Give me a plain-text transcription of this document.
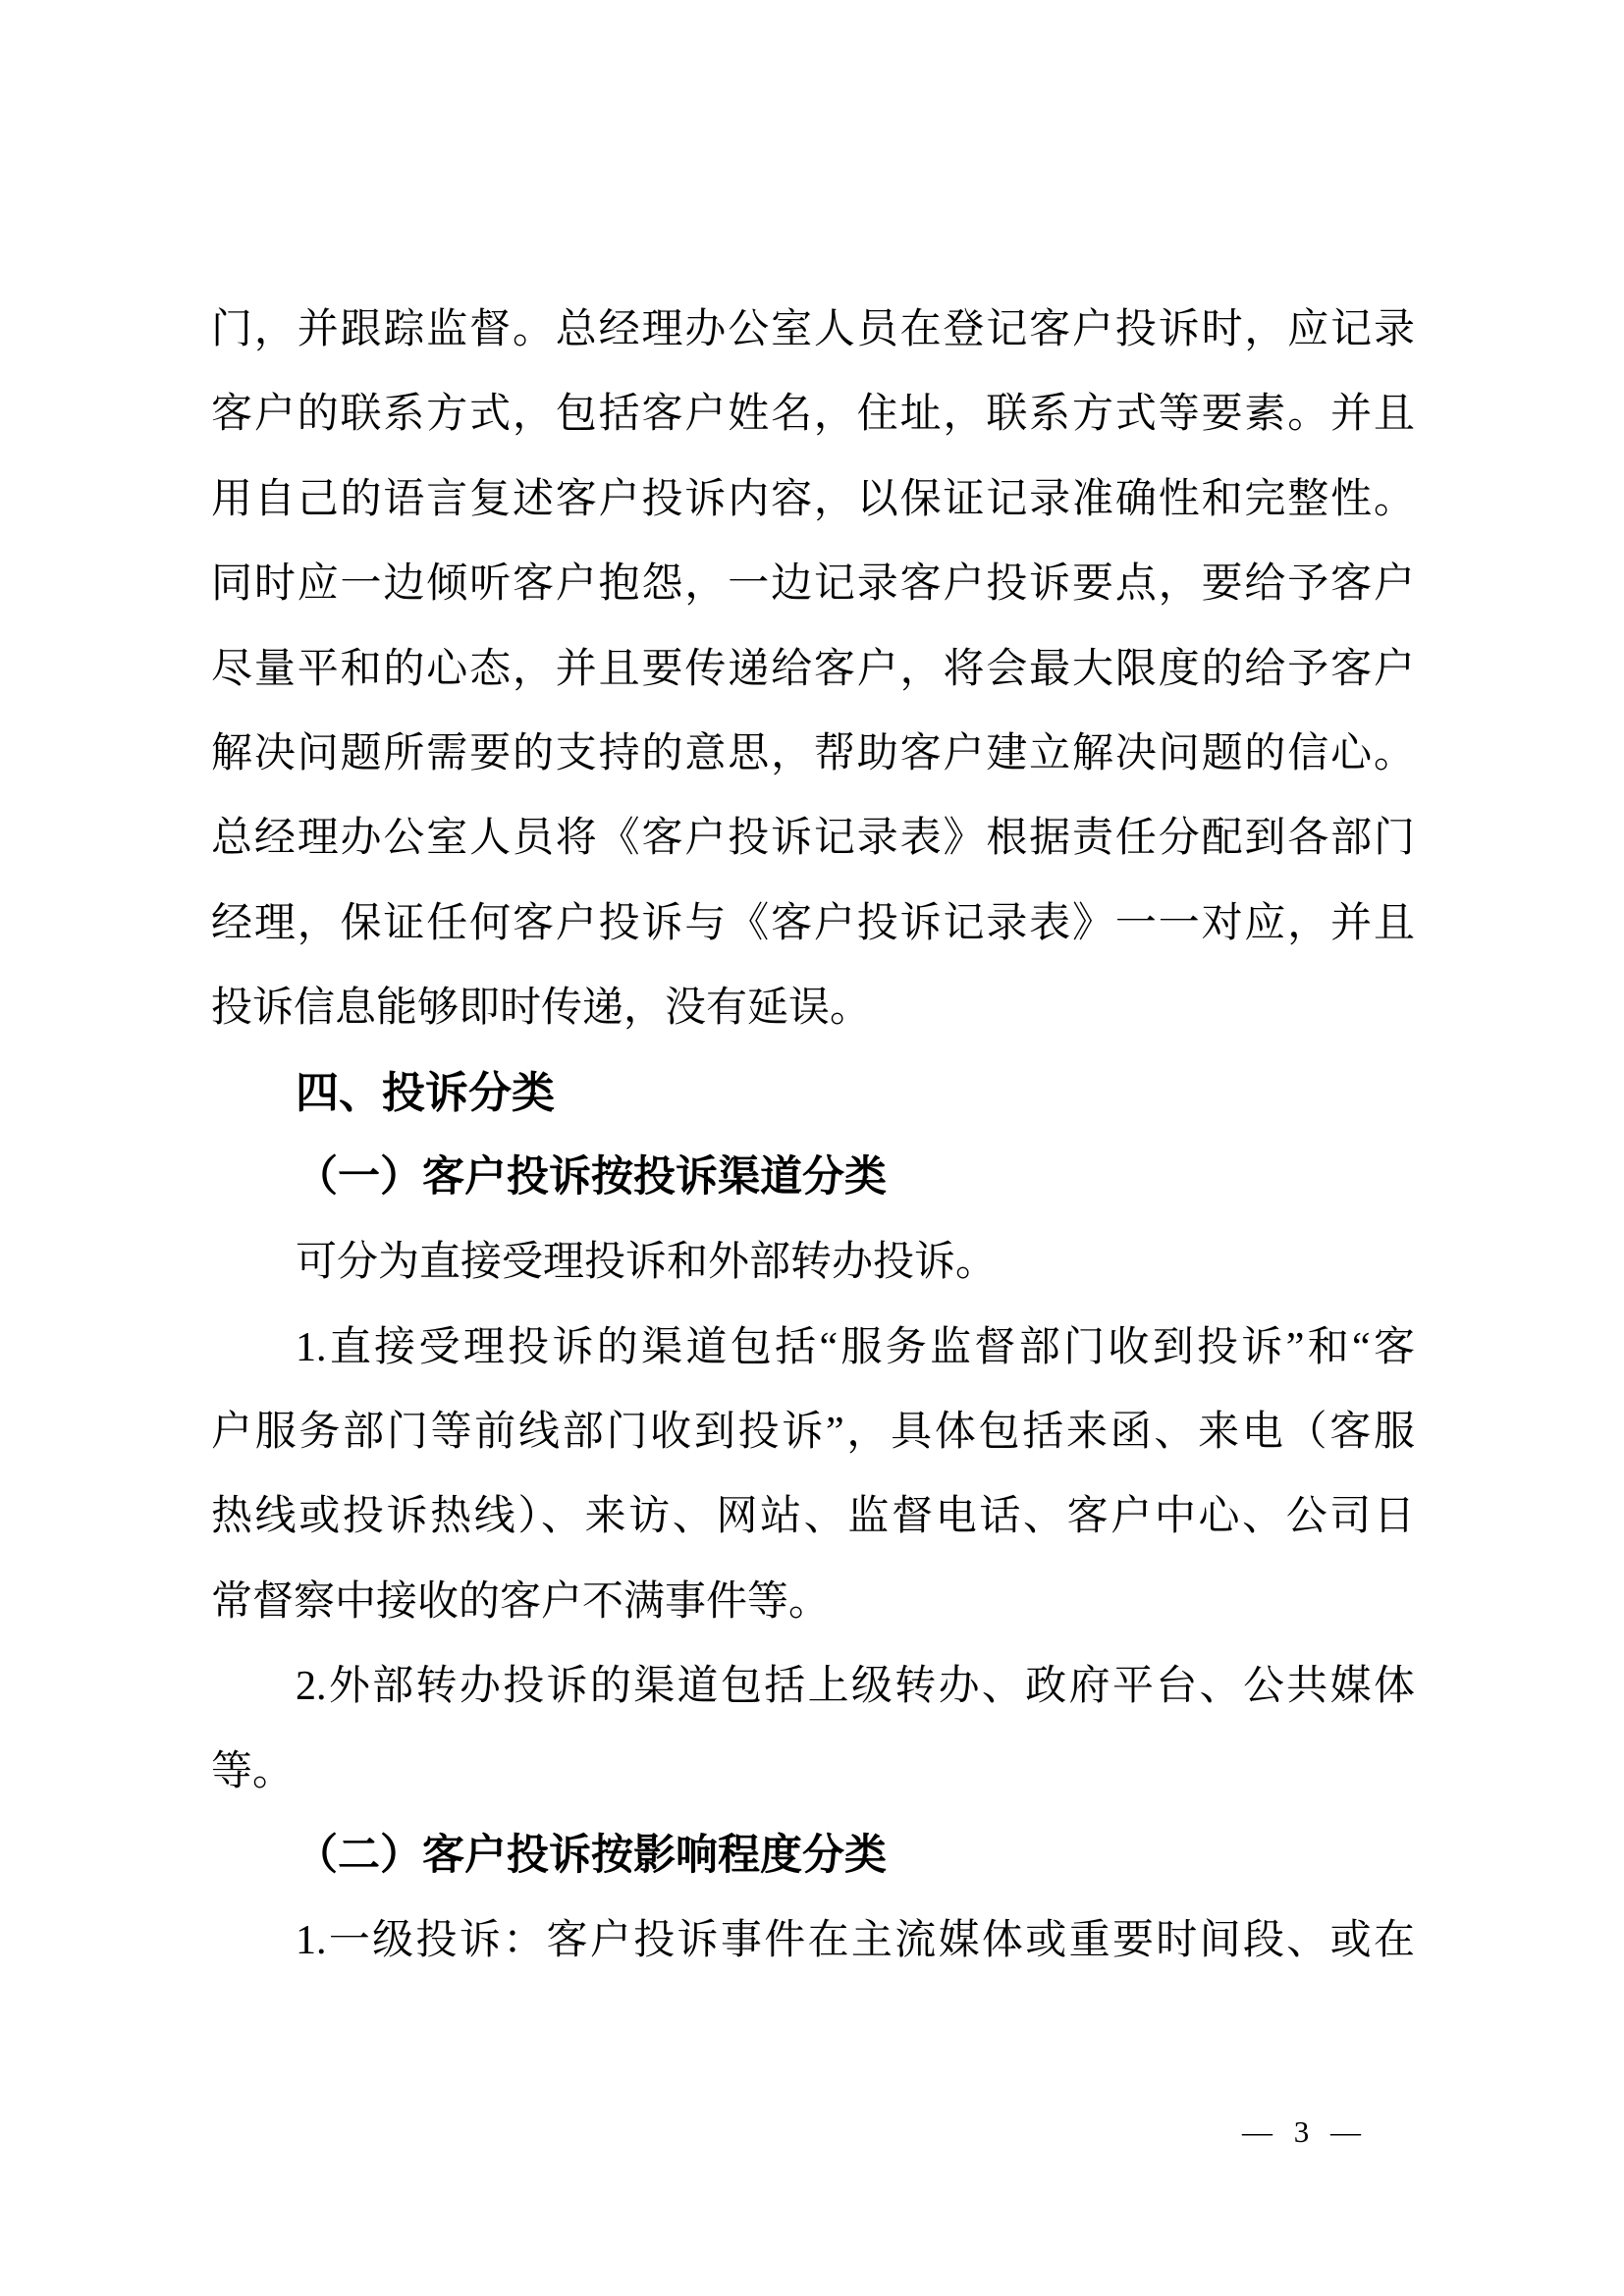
门，并跟踪监督。总经理办公室人员在登记客户投诉时，应记录
客户的联系方式，包括客户姓名，住址，联系方式等要素。并且
用自己的语言复述客户投诉内容，以保证记录准确性和完整性。
同时应一边倾听客户抱怨，一边记录客户投诉要点，要给予客户
尽量平和的心态，并且要传递给客户，将会最大限度的给予客户
解决问题所需要的支持的意思，帮助客户建立解决问题的信心。
总经理办公室人员将《客户投诉记录表》根据责任分配到各部门
经理，保证任何客户投诉与《客户投诉记录表》一一对应，并且
投诉信息能够即时传递，没有延误。
四、投诉分类
（一）客户投诉按投诉渠道分类
可分为直接受理投诉和外部转办投诉。
1.直接受理投诉的渠道包括“服务监督部门收到投诉”和“客
户服务部门等前线部门收到投诉”，具体包括来函、来电（客服
热线或投诉热线）、来访、网站、监督电话、客户中心、公司日
常督察中接收的客户不满事件等。
2.外部转办投诉的渠道包括上级转办、政府平台、公共媒体
等。
（二）客户投诉按影响程度分类
1.一级投诉：客户投诉事件在主流媒体或重要时间段、或在
— 3 —
